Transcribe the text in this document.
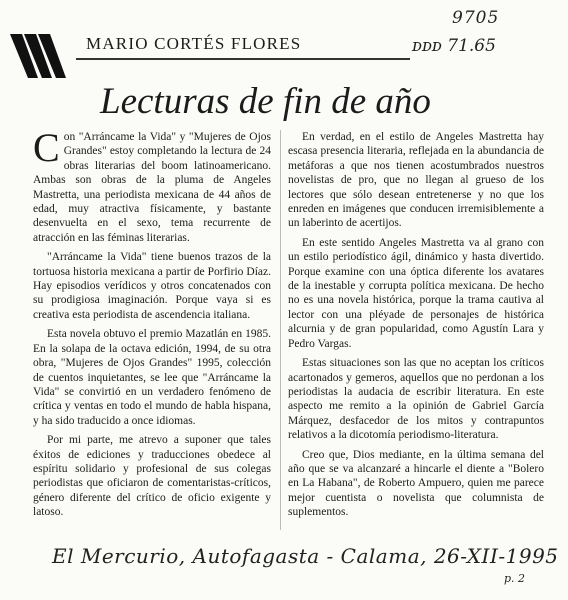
9705
ᴅᴅᴅ 71.65
MARIO CORTÉS FLORES
Lecturas de fin de año

Con "Arráncame la Vida" y "Mujeres de Ojos Grandes" estoy completando la lectura de 24 obras literarias del boom latinoamericano. Ambas son obras de la pluma de Angeles Mastretta, una periodista mexicana de 44 años de edad, muy atractiva físicamente, y bastante desenvuelta en el sexo, tema recurrente de atracción en las féminas literarias.

"Arráncame la Vida" tiene buenos trazos de la tortuosa historia mexicana a partir de Porfirio Díaz. Hay episodios verídicos y otros concatenados con su prodigiosa imaginación. Porque vaya si es creativa esta periodista de ascendencia italiana.

Esta novela obtuvo el premio Mazatlán en 1985. En la solapa de la octava edición, 1994, de su otra obra, "Mujeres de Ojos Grandes" 1995, colección de cuentos inquietantes, se lee que "Arráncame la Vida" se convirtió en un verdadero fenómeno de crítica y ventas en todo el mundo de habla hispana, y ha sido traducido a once idiomas.

Por mi parte, me atrevo a suponer que tales éxitos de ediciones y traducciones obedece al espíritu solidario y profesional de sus colegas periodistas que oficiaron de comentaristas-críticos, género diferente del crítico de oficio exigente y latoso.

En verdad, en el estilo de Angeles Mastretta hay escasa presencia literaria, reflejada en la abundancia de metáforas a que nos tienen acostumbrados nuestros novelistas de pro, que no llegan al grueso de los lectores que sólo desean entretenerse y no que los enreden en imágenes que conducen irremisiblemente a un laberinto de acertijos.

En este sentido Angeles Mastretta va al grano con un estilo periodístico ágil, dinámico y hasta divertido. Porque examine con una óptica diferente los avatares de la inestable y corrupta política mexicana. De hecho no es una novela histórica, porque la trama cautiva al lector con una pléyade de personajes de histórica alcurnia y de gran popularidad, como Agustín Lara y Pedro Vargas.

Estas situaciones son las que no aceptan los críticos acartonados y gemeros, aquellos que no perdonan a los periodistas la audacia de escribir literatura. En este aspecto me remito a la opinión de Gabriel García Márquez, desfacedor de los mitos y contrapuntos relativos a la dicotomía periodismo-literatura.

Creo que, Dios mediante, en la última semana del año que se va alcanzaré a hincarle el diente a "Bolero en La Habana", de Roberto Ampuero, quien me parece mejor cuentista o novelista que columnista de suplementos.

El Mercurio, Autofagasta - Calama, 26-XII-1995
p. 2
